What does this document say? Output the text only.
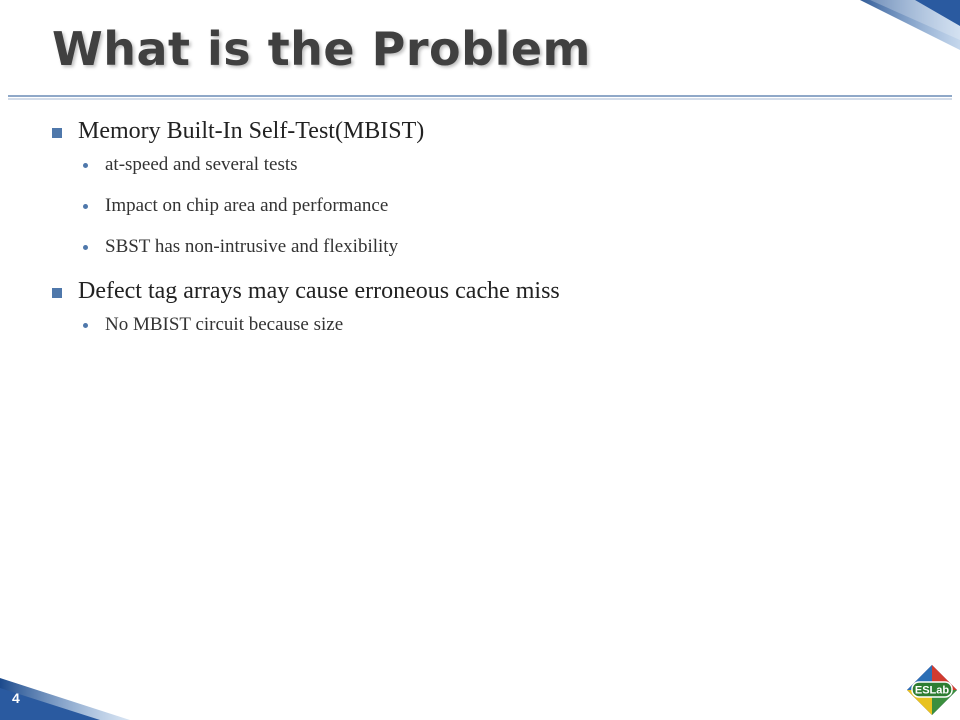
What is the Problem
Memory Built-In Self-Test(MBIST)
at-speed and several tests
Impact on chip area and performance
SBST has non-intrusive and flexibility
Defect tag arrays may cause erroneous cache miss
No MBIST circuit because size
4	ESLab
